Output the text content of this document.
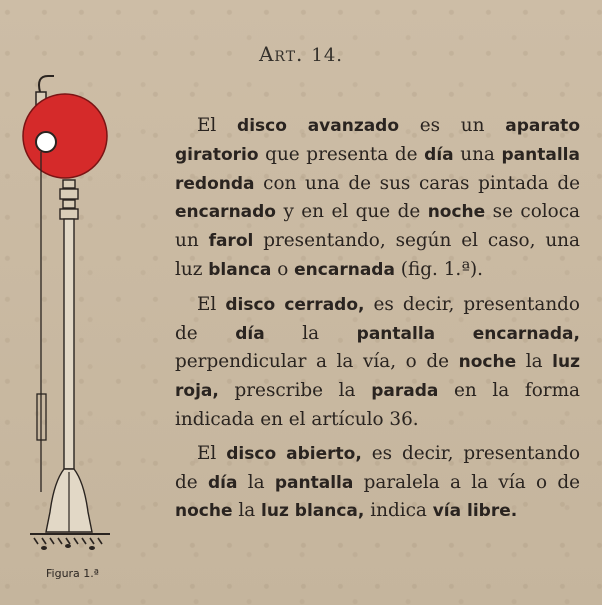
Art. 14.
Figura 1.ª

El disco avanzado es un aparato giratorio que presenta de día una pantalla redonda con una de sus caras pintada de encarnado y en el que de noche se coloca un farol presentando, según el caso, una luz blanca o encarnada (fig. 1.ª).

El disco cerrado, es decir, presentando de día la pantalla encarnada, perpendicular a la vía, o de noche la luz roja, prescribe la parada en la forma indicada en el artículo 36.

El disco abierto, es decir, presentando de día la pantalla paralela a la vía o de noche la luz blanca, indica vía libre.
